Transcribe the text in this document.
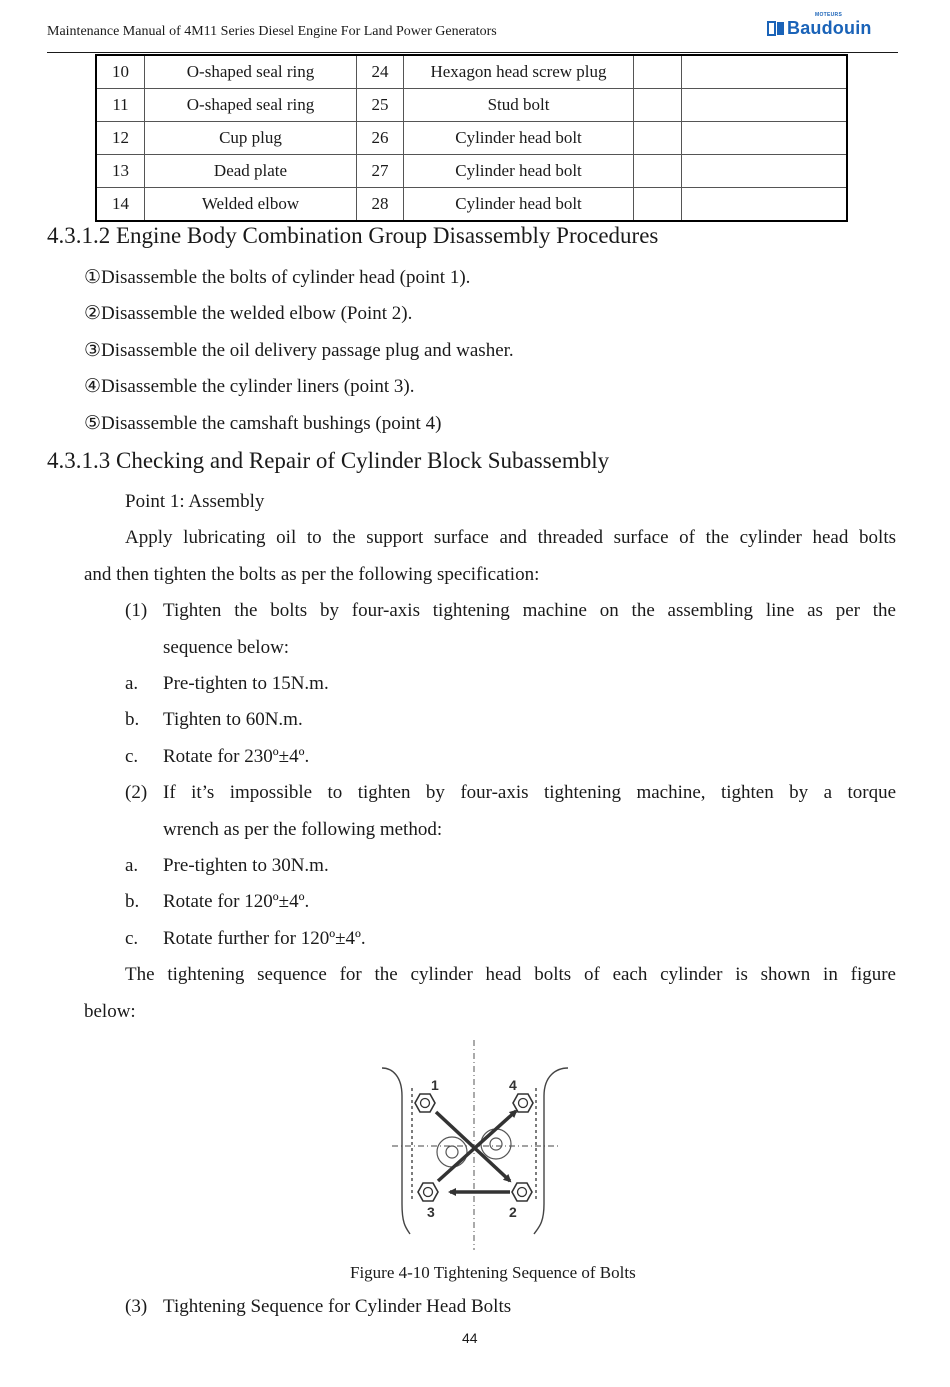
Maintenance Manual of 4M11 Series Diesel Engine For Land Power Generators
MOTEURS
Baudouin
10	O-shaped seal ring	24	Hexagon head screw plug		
11	O-shaped seal ring	25	Stud bolt		
12	Cup plug	26	Cylinder head bolt		
13	Dead plate	27	Cylinder head bolt		
14	Welded elbow	28	Cylinder head bolt		
4.3.1.2 Engine Body Combination Group Disassembly Procedures
①Disassemble the bolts of cylinder head (point 1).
②Disassemble the welded elbow (Point 2).
③Disassemble the oil delivery passage plug and washer.
④Disassemble the cylinder liners (point 3).
⑤Disassemble the camshaft bushings (point 4)
4.3.1.3 Checking and Repair of Cylinder Block Subassembly
Point 1: Assembly
Apply lubricating oil to the support surface and threaded surface of the cylinder head bolts
and then tighten the bolts as per the following specification:
(1) Tighten the bolts by four-axis tightening machine on the assembling line as per the
sequence below:
a. Pre-tighten to 15N.m.
b. Tighten to 60N.m.
c. Rotate for 230º±4º.
(2) If it’s impossible to tighten by four-axis tightening machine, tighten by a torque
wrench as per the following method:
a. Pre-tighten to 30N.m.
b. Rotate for 120º±4º.
c. Rotate further for 120º±4º.
The tightening sequence for the cylinder head bolts of each cylinder is shown in figure
below:
1	4
3	2
Figure 4-10 Tightening Sequence of Bolts
(3) Tightening Sequence for Cylinder Head Bolts
44
